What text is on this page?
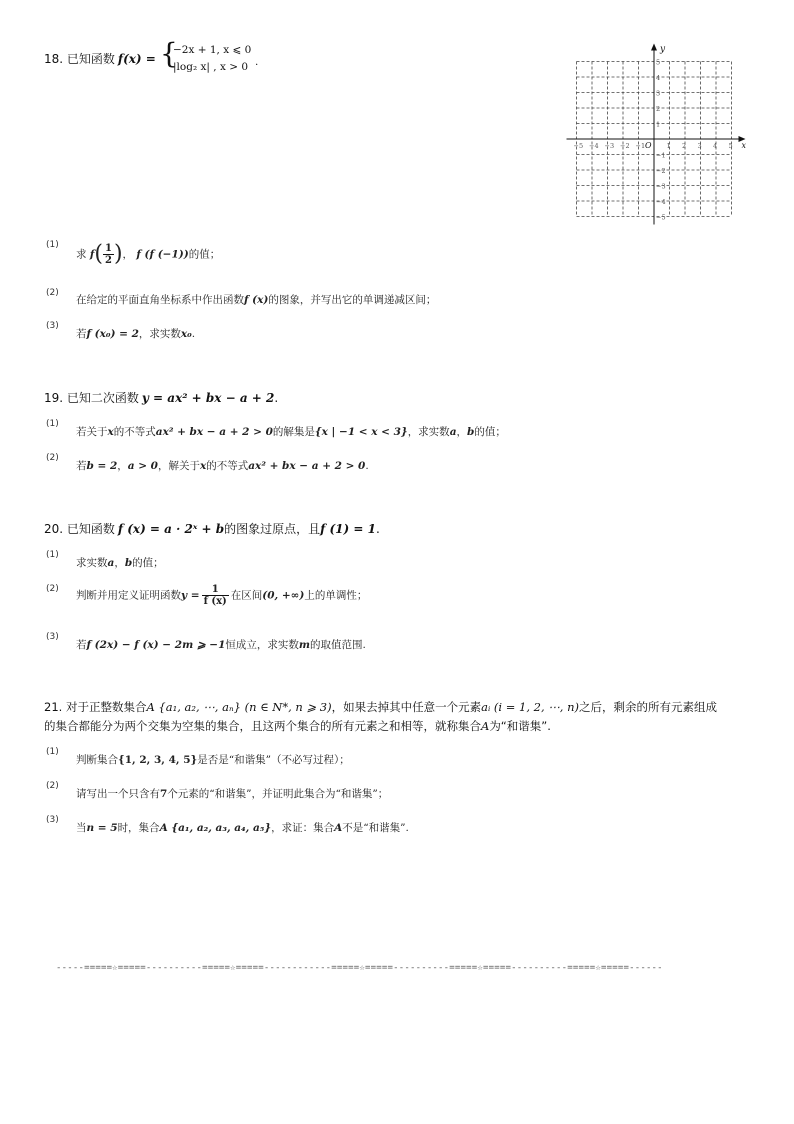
18. 已知函数 f(x) = {
−2x + 1, x ⩽ 0
|log₂ x| , x > 0 .
y
x
O
−5 −4 −3 −2 −1	1 2 3 4 5
5
4
3
2
1
−1
−2
−3
−4
−5
(1)
求 $f( \frac{1}{2}$ )， f (f (−1))的值；
(2)
在给定的平面直角坐标系中作出函数f (x)的图象，并写出它的单调递减区间；
(3)
若f (x₀) = 2，求实数x₀.
19. 已知二次函数 y = ax² + bx − a + 2.
(1)
若关于x的不等式ax² + bx − a + 2 > 0的解集是{x | −1 < x < 3}，求实数a，b的值；
(2)
若b = 2，a > 0，解关于x的不等式ax² + bx − a + 2 > 0.
20. 已知函数 f (x) = a · 2ˣ + b的图象过原点，且f (1) = 1.
(1)
求实数a，b的值；
(2)
判断并用定义证明函数$y = \frac{1}{f (x)}$ 在区间(0, +∞)上的单调性；
(3)
若f (2x) − f (x) − 2m ⩾ −1恒成立，求实数m的取值范围.
21. 对于正整数集合A {a₁, a₂, ⋯, aₙ} (n ∈ N*, n ⩾ 3)，如果去掉其中任意一个元素aᵢ (i = 1, 2, ⋯, n)之后，剩余的所有元素组成
的集合都能分为两个交集为空集的集合，且这两个集合的所有元素之和相等，就称集合A为“和谐集”.
(1)
判断集合{1, 2, 3, 4, 5}是否是“和谐集”（不必写过程）；
(2)
请写出一个只含有7个元素的“和谐集”，并证明此集合为“和谐集”；
(3)
当n = 5时，集合A {a₁, a₂, a₃, a₄, a₅}，求证：集合A不是“和谐集”.
-----=====☆=====----------=====☆=====------------=====☆=====----------=====☆=====----------=====☆=====------
